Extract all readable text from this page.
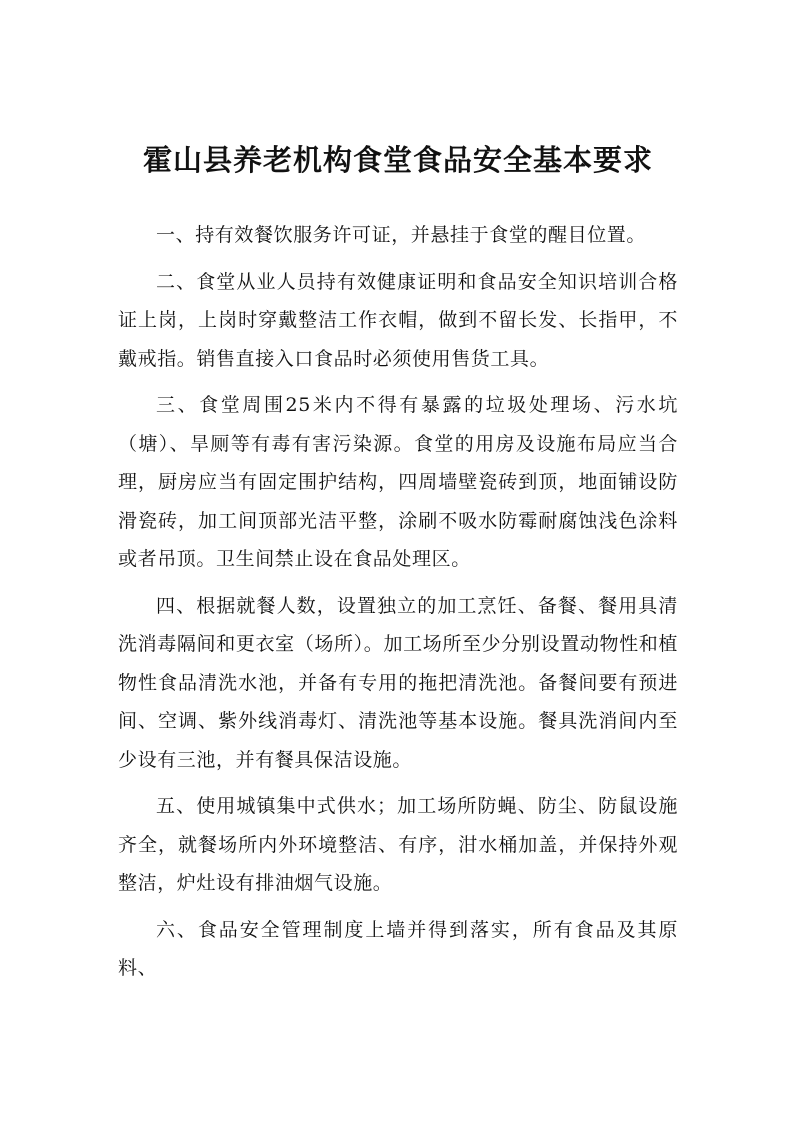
霍山县养老机构食堂食品安全基本要求

一、持有效餐饮服务许可证，并悬挂于食堂的醒目位置。

二、食堂从业人员持有效健康证明和食品安全知识培训合格证上岗，上岗时穿戴整洁工作衣帽，做到不留长发、长指甲，不戴戒指。销售直接入口食品时必须使用售货工具。

三、食堂周围25米内不得有暴露的垃圾处理场、污水坑（塘）、旱厕等有毒有害污染源。食堂的用房及设施布局应当合理，厨房应当有固定围护结构，四周墙壁瓷砖到顶，地面铺设防滑瓷砖，加工间顶部光洁平整，涂刷不吸水防霉耐腐蚀浅色涂料或者吊顶。卫生间禁止设在食品处理区。

四、根据就餐人数，设置独立的加工烹饪、备餐、餐用具清洗消毒隔间和更衣室（场所）。加工场所至少分别设置动物性和植物性食品清洗水池，并备有专用的拖把清洗池。备餐间要有预进间、空调、紫外线消毒灯、清洗池等基本设施。餐具洗消间内至少设有三池，并有餐具保洁设施。

五、使用城镇集中式供水；加工场所防蝇、防尘、防鼠设施齐全，就餐场所内外环境整洁、有序，泔水桶加盖，并保持外观整洁，炉灶设有排油烟气设施。

六、食品安全管理制度上墙并得到落实，所有食品及其原料、
